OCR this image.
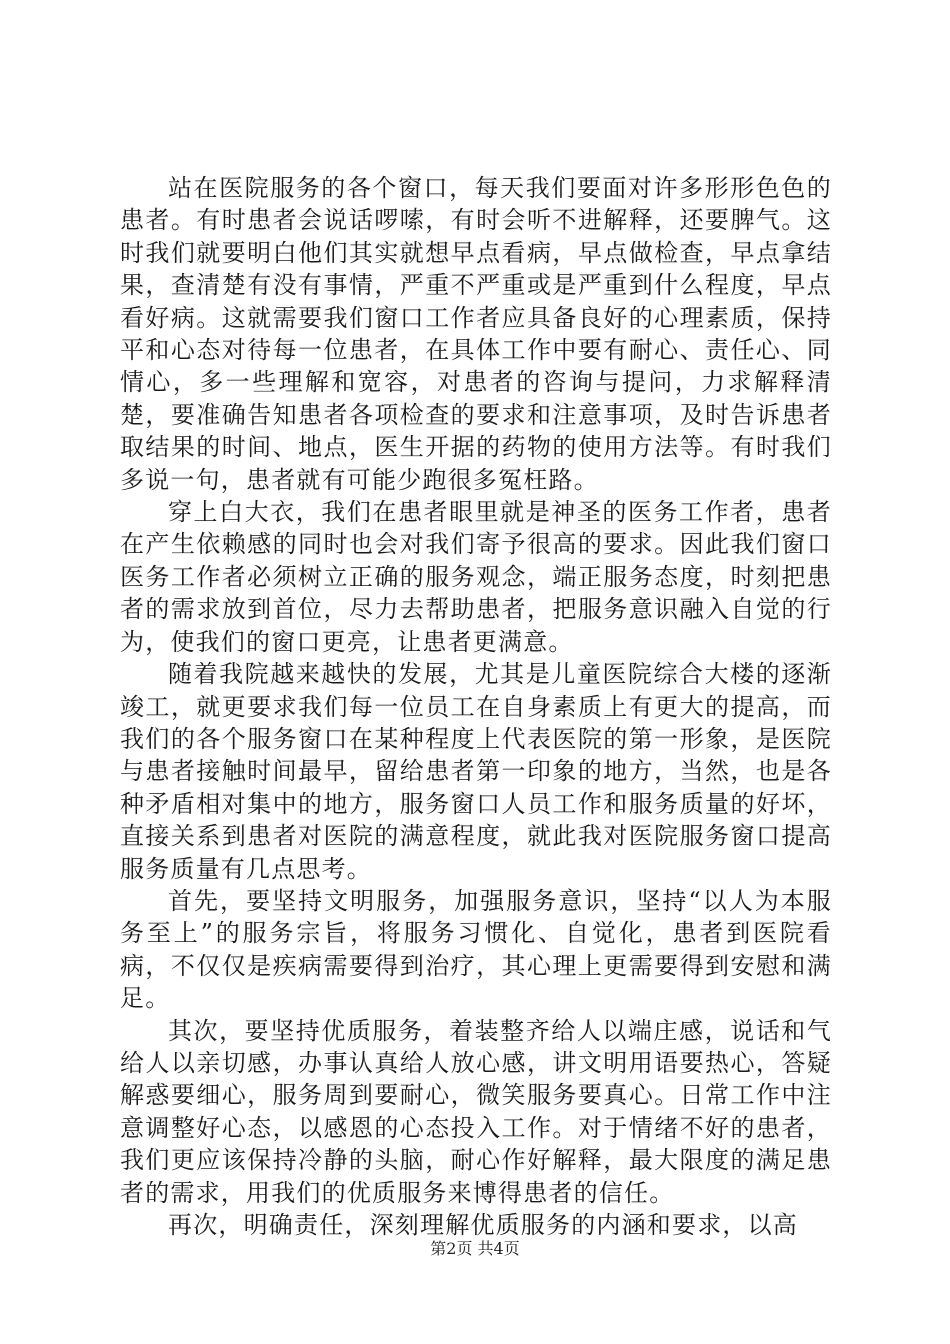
站在医院服务的各个窗口，每天我们要面对许多形形色色的患者。有时患者会说话啰嗦，有时会听不进解释，还要脾气。这时我们就要明白他们其实就想早点看病，早点做检查，早点拿结果，查清楚有没有事情，严重不严重或是严重到什么程度，早点看好病。这就需要我们窗口工作者应具备良好的心理素质，保持平和心态对待每一位患者，在具体工作中要有耐心、责任心、同情心，多一些理解和宽容，对患者的咨询与提问，力求解释清楚，要准确告知患者各项检查的要求和注意事项，及时告诉患者取结果的时间、地点，医生开据的药物的使用方法等。有时我们多说一句，患者就有可能少跑很多冤枉路。

穿上白大衣，我们在患者眼里就是神圣的医务工作者，患者在产生依赖感的同时也会对我们寄予很高的要求。因此我们窗口医务工作者必须树立正确的服务观念，端正服务态度，时刻把患者的需求放到首位，尽力去帮助患者，把服务意识融入自觉的行为，使我们的窗口更亮，让患者更满意。

随着我院越来越快的发展，尤其是儿童医院综合大楼的逐渐竣工，就更要求我们每一位员工在自身素质上有更大的提高，而我们的各个服务窗口在某种程度上代表医院的第一形象，是医院与患者接触时间最早，留给患者第一印象的地方，当然，也是各种矛盾相对集中的地方，服务窗口人员工作和服务质量的好坏，直接关系到患者对医院的满意程度，就此我对医院服务窗口提高服务质量有几点思考。

首先，要坚持文明服务，加强服务意识，坚持“以人为本服务至上”的服务宗旨，将服务习惯化、自觉化，患者到医院看病，不仅仅是疾病需要得到治疗，其心理上更需要得到安慰和满足。

其次，要坚持优质服务，着装整齐给人以端庄感，说话和气给人以亲切感，办事认真给人放心感，讲文明用语要热心，答疑解惑要细心，服务周到要耐心，微笑服务要真心。日常工作中注意调整好心态，以感恩的心态投入工作。对于情绪不好的患者，我们更应该保持冷静的头脑，耐心作好解释，最大限度的满足患者的需求，用我们的优质服务来博得患者的信任。

再次，明确责任，深刻理解优质服务的内涵和要求，以高

第2页 共4页
